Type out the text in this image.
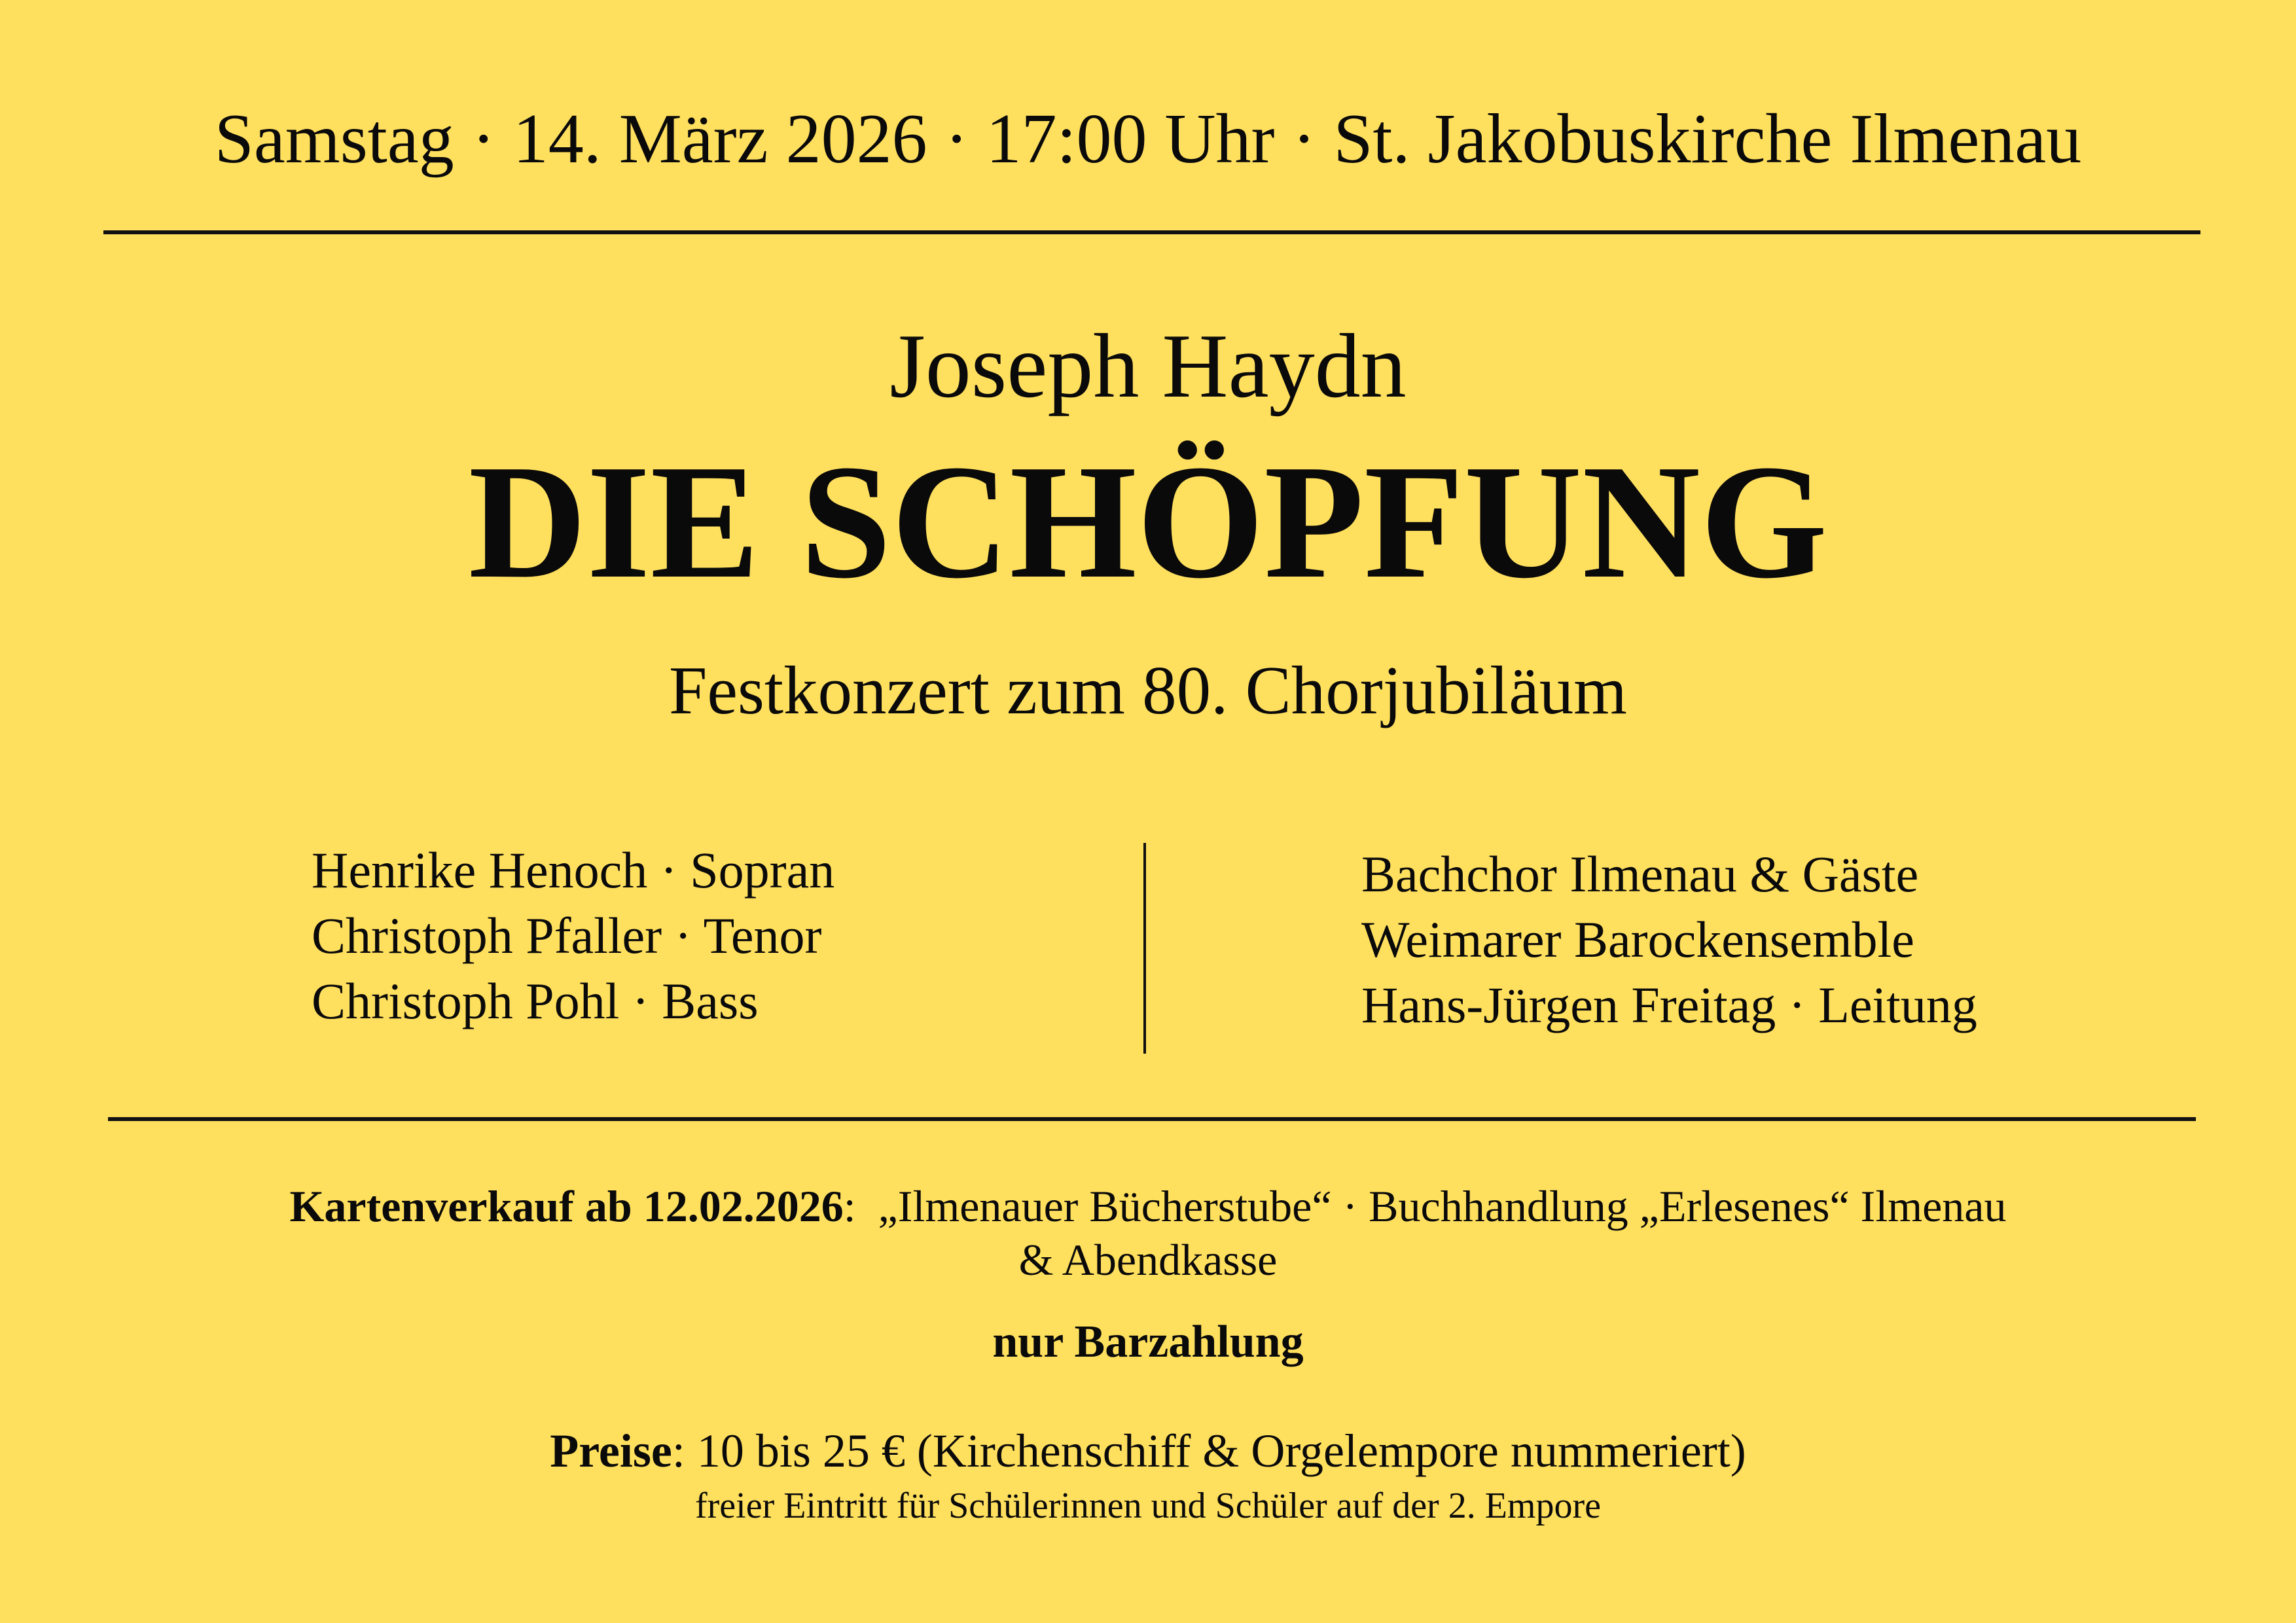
Samstag · 14. März 2026 · 17:00 Uhr · St. Jakobuskirche Ilmenau
Joseph Haydn
DIE SCHÖPFUNG
Festkonzert zum 80. Chorjubiläum
Henrike Henoch · Sopran
Christoph Pfaller · Tenor
Christoph Pohl · Bass
Bachchor Ilmenau & Gäste
Weimarer Barockensemble
Hans-Jürgen Freitag · Leitung
Kartenverkauf ab 12.02.2026: „Ilmenauer Bücherstube“ · Buchhandlung „Erlesenes“ Ilmenau
& Abendkasse
nur Barzahlung
Preise: 10 bis 25 € (Kirchenschiff & Orgelempore nummeriert)
freier Eintritt für Schülerinnen und Schüler auf der 2. Empore
